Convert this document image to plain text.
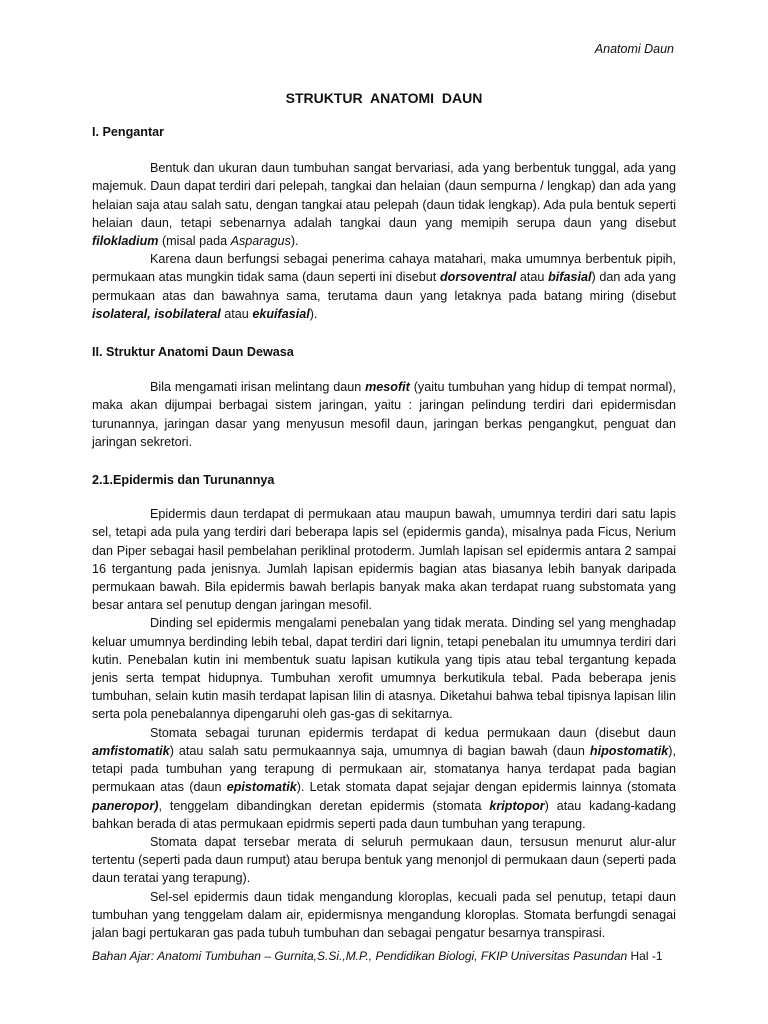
Anatomi Daun
STRUKTUR ANATOMI DAUN
I. Pengantar

Bentuk dan ukuran daun tumbuhan sangat bervariasi, ada yang berbentuk tunggal, ada yang majemuk. Daun dapat terdiri dari pelepah, tangkai dan helaian (daun sempurna / lengkap) dan ada yang helaian saja atau salah satu, dengan tangkai atau pelepah (daun tidak lengkap). Ada pula bentuk seperti helaian daun, tetapi sebenarnya adalah tangkai daun yang memipih serupa daun yang disebut filokladium (misal pada Asparagus).

Karena daun berfungsi sebagai penerima cahaya matahari, maka umumnya berbentuk pipih, permukaan atas mungkin tidak sama (daun seperti ini disebut dorsoventral atau bifasial) dan ada yang permukaan atas dan bawahnya sama, terutama daun yang letaknya pada batang miring (disebut isolateral, isobilateral atau ekuifasial).

II. Struktur Anatomi Daun Dewasa

Bila mengamati irisan melintang daun mesofit (yaitu tumbuhan yang hidup di tempat normal), maka akan dijumpai berbagai sistem jaringan, yaitu : jaringan pelindung terdiri dari epidermisdan turunannya, jaringan dasar yang menyusun mesofil daun, jaringan berkas pengangkut, penguat dan jaringan sekretori.

2.1.Epidermis dan Turunannya

Epidermis daun terdapat di permukaan atau maupun bawah, umumnya terdiri dari satu lapis sel, tetapi ada pula yang terdiri dari beberapa lapis sel (epidermis ganda), misalnya pada Ficus, Nerium dan Piper sebagai hasil pembelahan periklinal protoderm. Jumlah lapisan sel epidermis antara 2 sampai 16 tergantung pada jenisnya. Jumlah lapisan epidermis bagian atas biasanya lebih banyak daripada permukaan bawah. Bila epidermis bawah berlapis banyak maka akan terdapat ruang substomata yang besar antara sel penutup dengan jaringan mesofil.

Dinding sel epidermis mengalami penebalan yang tidak merata. Dinding sel yang menghadap keluar umumnya berdinding lebih tebal, dapat terdiri dari lignin, tetapi penebalan itu umumnya terdiri dari kutin. Penebalan kutin ini membentuk suatu lapisan kutikula yang tipis atau tebal tergantung kepada jenis serta tempat hidupnya. Tumbuhan xerofit umumnya berkutikula tebal. Pada beberapa jenis tumbuhan, selain kutin masih terdapat lapisan lilin di atasnya. Diketahui bahwa tebal tipisnya lapisan lilin serta pola penebalannya dipengaruhi oleh gas-gas di sekitarnya.

Stomata sebagai turunan epidermis terdapat di kedua permukaan daun (disebut daun amfistomatik) atau salah satu permukaannya saja, umumnya di bagian bawah (daun hipostomatik), tetapi pada tumbuhan yang terapung di permukaan air, stomatanya hanya terdapat pada bagian permukaan atas (daun epistomatik). Letak stomata dapat sejajar dengan epidermis lainnya (stomata paneropor), tenggelam dibandingkan deretan epidermis (stomata kriptopor) atau kadang-kadang bahkan berada di atas permukaan epidrmis seperti pada daun tumbuhan yang terapung.

Stomata dapat tersebar merata di seluruh permukaan daun, tersusun menurut alur-alur tertentu (seperti pada daun rumput) atau berupa bentuk yang menonjol di permukaan daun (seperti pada daun teratai yang terapung).

Sel-sel epidermis daun tidak mengandung kloroplas, kecuali pada sel penutup, tetapi daun tumbuhan yang tenggelam dalam air, epidermisnya mengandung kloroplas. Stomata berfungdi senagai jalan bagi pertukaran gas pada tubuh tumbuhan dan sebagai pengatur besarnya transpirasi.

Bahan Ajar: Anatomi Tumbuhan – Gurnita,S.Si.,M.P., Pendidikan Biologi, FKIP Universitas Pasundan Hal -1
